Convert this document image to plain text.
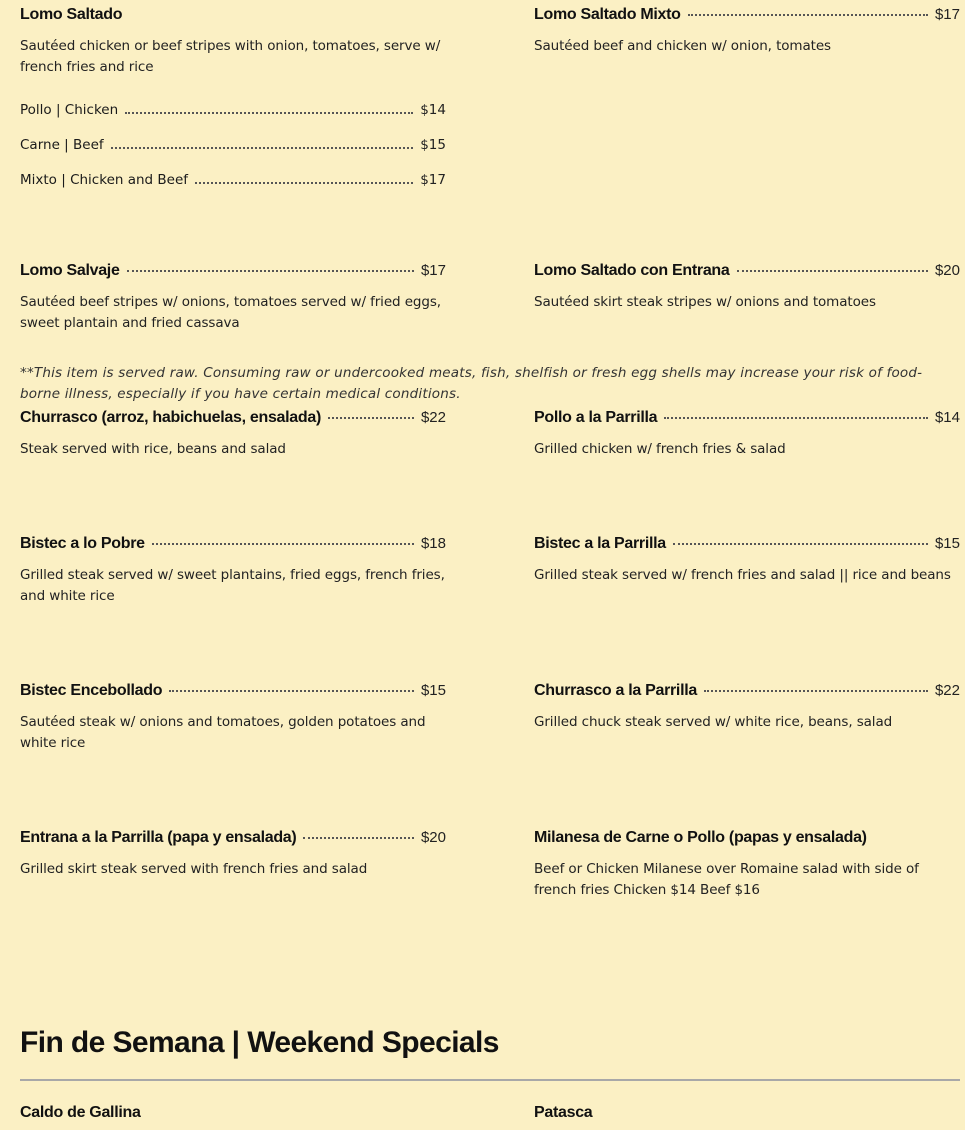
Lomo Saltado
Sautéed chicken or beef stripes with onion, tomatoes, serve w/ french fries and rice
Pollo | Chicken	$14
Carne | Beef	$15
Mixto | Chicken and Beef	$17
Lomo Saltado Mixto	$17
Sautéed beef and chicken w/ onion, tomates
Lomo Salvaje	$17
Sautéed beef stripes w/ onions, tomatoes served w/ fried eggs, sweet plantain and fried cassava
Lomo Saltado con Entrana	$20
Sautéed skirt steak stripes w/ onions and tomatoes
**This item is served raw. Consuming raw or undercooked meats, fish, shelfish or fresh egg shells may increase your risk of food-borne illness, especially if you have certain medical conditions.
Churrasco (arroz, habichuelas, ensalada)	$22
Steak served with rice, beans and salad
Pollo a la Parrilla	$14
Grilled chicken w/ french fries & salad
Bistec a lo Pobre	$18
Grilled steak served w/ sweet plantains, fried eggs, french fries, and white rice
Bistec a la Parrilla	$15
Grilled steak served w/ french fries and salad || rice and beans
Bistec Encebollado	$15
Sautéed steak w/ onions and tomatoes, golden potatoes and white rice
Churrasco a la Parrilla	$22
Grilled chuck steak served w/ white rice, beans, salad
Entrana a la Parrilla (papa y ensalada)	$20
Grilled skirt steak served with french fries and salad
Milanesa de Carne o Pollo (papas y ensalada)
Beef or Chicken Milanese over Romaine salad with side of french fries Chicken $14 Beef $16
Fin de Semana | Weekend Specials
Caldo de Gallina	Patasca
